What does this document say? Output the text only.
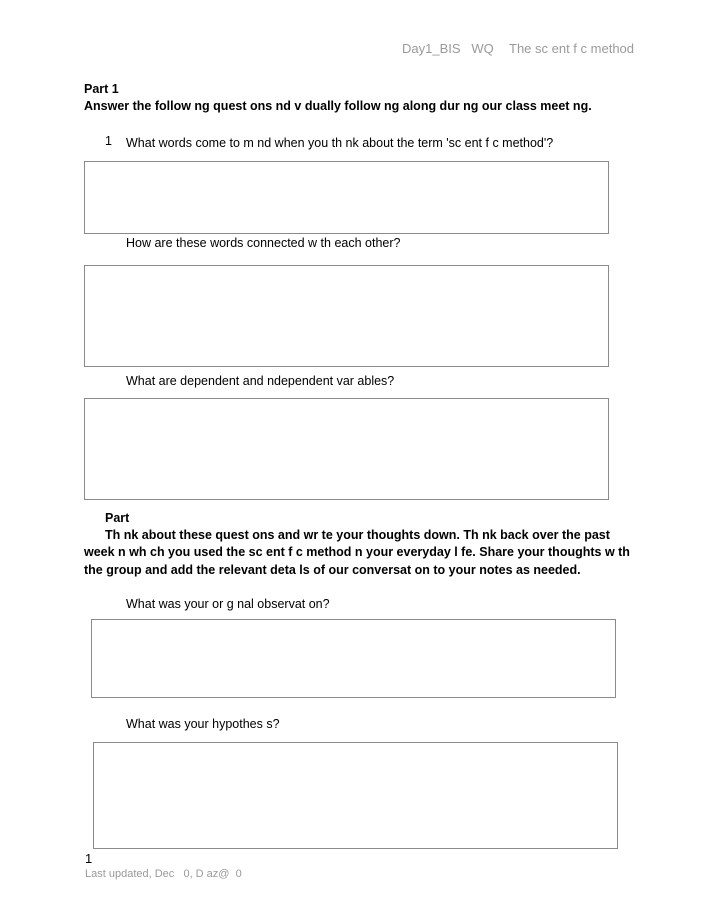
Day1_BIS   WQ The sc ent f c method
Part 1
Answer the follow ng quest ons nd v dually follow ng along dur ng our class meet ng.
1 What words come to m nd when you th nk about the term 'sc ent f c method'?
How are these words connected w th each other?
What are dependent and ndependent var ables?
Part
Th nk about these quest ons and wr te your thoughts down. Th nk back over the past
week n wh ch you used the sc ent f c method n your everyday l fe. Share your thoughts w th
the group and add the relevant deta ls of our conversat on to your notes as needed.
What was your or g nal observat on?
What was your hypothes s?
1
Last updated, Dec   0, D az@  0
